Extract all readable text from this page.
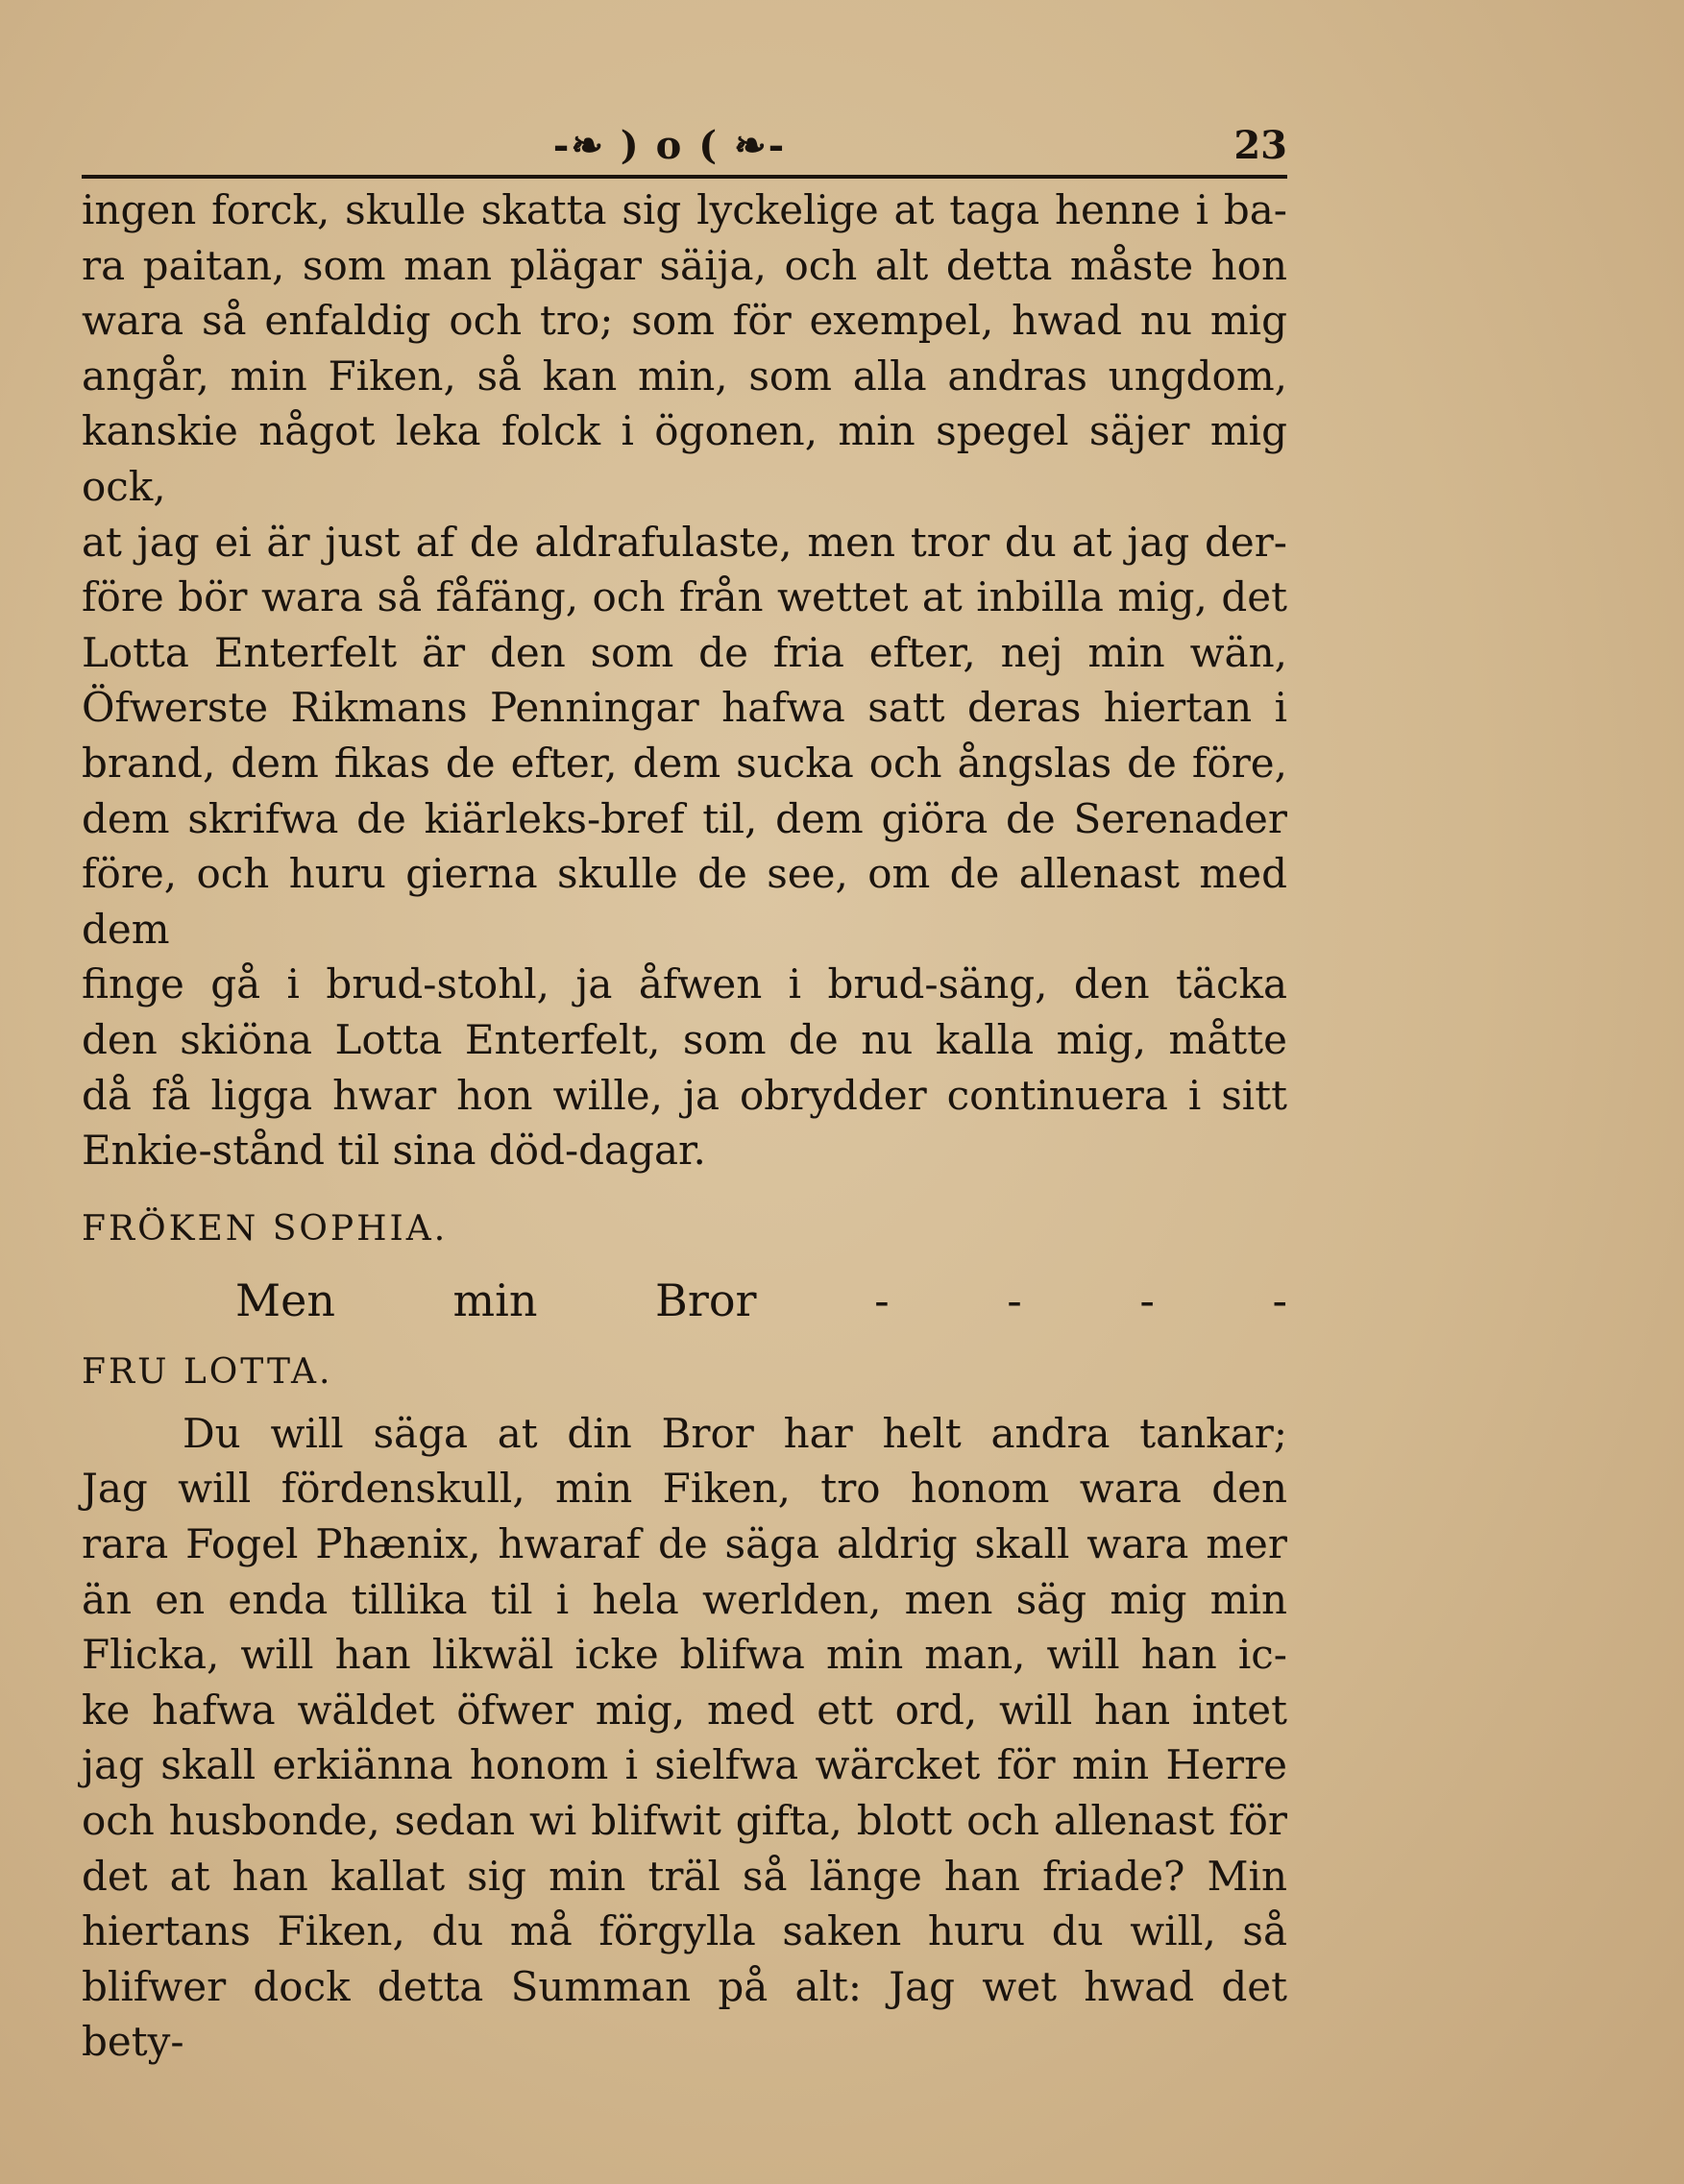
-❧ ) o ( ❧-	23

ingen forck, skulle skatta sig lyckelige at taga henne i ba-

ra paitan, som man plägar säija, och alt detta måste hon

wara så enfaldig och tro; som för exempel, hwad nu mig

angår, min Fiken, så kan min, som alla andras ungdom,

kanskie något leka folck i ögonen, min spegel säjer mig ock,

at jag ei är just af de aldrafulaste, men tror du at jag der-

före bör wara så fåfäng, och från wettet at inbilla mig, det

Lotta Enterfelt är den som de fria efter, nej min wän,

Öfwerste Rikmans Penningar hafwa satt deras hiertan i

brand, dem fikas de efter, dem sucka och ångslas de före,

dem skrifwa de kiärleks-bref til, dem giöra de Serenader

före, och huru gierna skulle de see, om de allenast med dem

finge gå i brud-stohl, ja åfwen i brud-säng, den täcka

den skiöna Lotta Enterfelt, som de nu kalla mig, måtte

då få ligga hwar hon wille, ja obrydder continuera i sitt

Enkie-stånd til sina död-dagar.

FRÖKEN SOPHIA.

Men min Bror - - - -

FRU LOTTA.

Du will säga at din Bror har helt andra tankar;

Jag will fördenskull, min Fiken, tro honom wara den

rara Fogel Phænix, hwaraf de säga aldrig skall wara mer

än en enda tillika til i hela werlden, men säg mig min

Flicka, will han likwäl icke blifwa min man, will han ic-

ke hafwa wäldet öfwer mig, med ett ord, will han intet

jag skall erkiänna honom i sielfwa wärcket för min Herre

och husbonde, sedan wi blifwit gifta, blott och allenast för

det at han kallat sig min träl så länge han friade? Min

hiertans Fiken, du må förgylla saken huru du will, så

blifwer dock detta Summan på alt: Jag wet hwad det

bety-
